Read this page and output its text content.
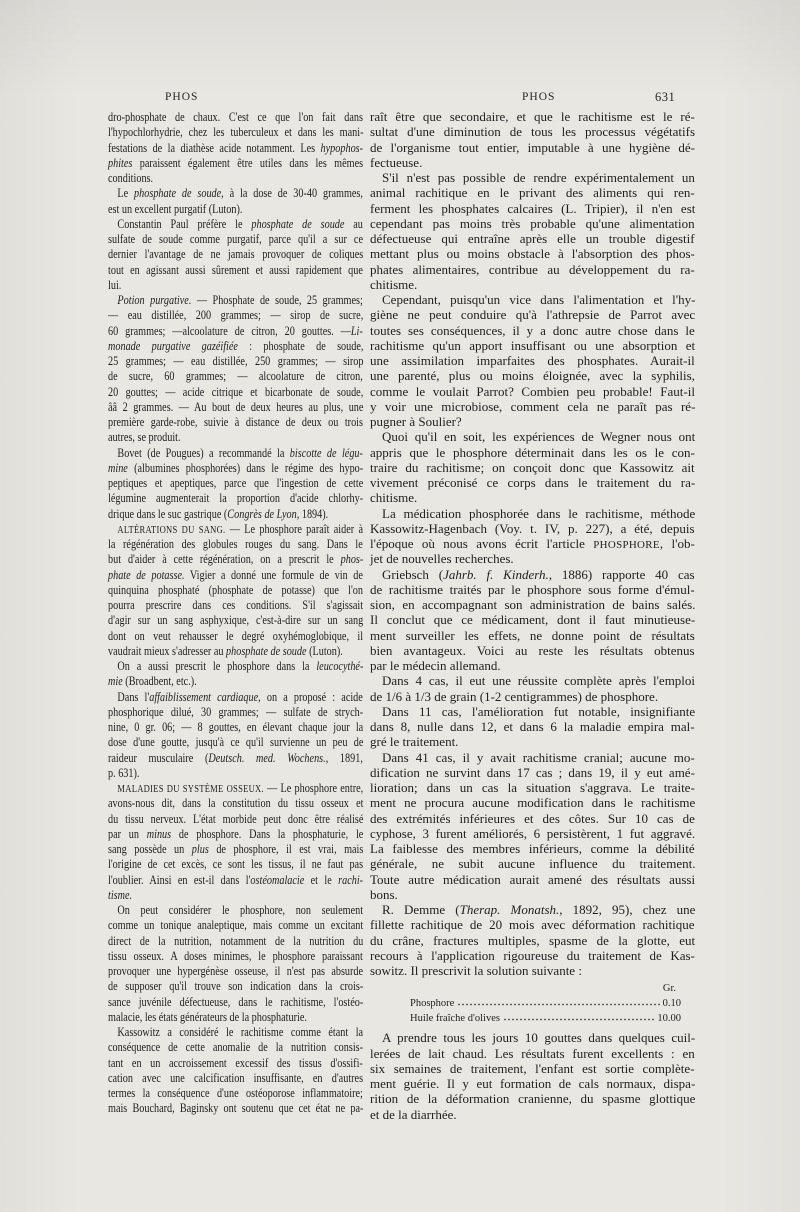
PHOS	PHOS	631
dro-phosphate de chaux. C'est ce que l'on fait dans
l'hypochlorhydrie, chez les tuberculeux et dans les mani-
festations de la diathèse acide notamment. Les hypophos-
phites paraissent également être utiles dans les mêmes
conditions.
Le phosphate de soude, à la dose de 30-40 grammes,
est un excellent purgatif (Luton).
Constantin Paul préfère le phosphate de soude au
sulfate de soude comme purgatif, parce qu'il a sur ce
dernier l'avantage de ne jamais provoquer de coliques
tout en agissant aussi sûrement et aussi rapidement que
lui.
Potion purgative. — Phosphate de soude, 25 grammes;
— eau distillée, 200 grammes; — sirop de sucre,
60 grammes; —alcoolature de citron, 20 gouttes. —Li-
monade purgative gazéifiée : phosphate de soude,
25 grammes; — eau distillée, 250 grammes; — sirop
de sucre, 60 grammes; — alcoolature de citron,
20 gouttes; — acide citrique et bicarbonate de soude,
ââ 2 grammes. — Au bout de deux heures au plus, une
première garde-robe, suivie à distance de deux ou trois
autres, se produit.
Bovet (de Pougues) a recommandé la biscotte de légu-
mine (albumines phosphorées) dans le régime des hypo-
peptiques et apeptiques, parce que l'ingestion de cette
légumine augmenterait la proportion d'acide chlorhy-
drique dans le suc gastrique (Congrès de Lyon, 1894).
ALTÉRATIONS DU SANG. — Le phosphore paraît aider à
la régénération des globules rouges du sang. Dans le
but d'aider à cette régénération, on a prescrit le phos-
phate de potasse. Vigier a donné une formule de vin de
quinquina phosphaté (phosphate de potasse) que l'on
pourra prescrire dans ces conditions. S'il s'agissait
d'agir sur un sang asphyxique, c'est-à-dire sur un sang
dont on veut rehausser le degré oxyhémoglobique, il
vaudrait mieux s'adresser au phosphate de soude (Luton).
On a aussi prescrit le phosphore dans la leucocythé-
mie (Broadbent, etc.).
Dans l'affaiblissement cardiaque, on a proposé : acide
phosphorique dilué, 30 grammes; — sulfate de strych-
nine, 0 gr. 06; — 8 gouttes, en élevant chaque jour la
dose d'une goutte, jusqu'à ce qu'il survienne un peu de
raideur musculaire (Deutsch. med. Wochens., 1891,
p. 631).
MALADIES DU SYSTÈME OSSEUX. — Le phosphore entre,
avons-nous dit, dans la constitution du tissu osseux et
du tissu nerveux. L'état morbide peut donc être réalisé
par un minus de phosphore. Dans la phosphaturie, le
sang possède un plus de phosphore, il est vrai, mais
l'origine de cet excès, ce sont les tissus, il ne faut pas
l'oublier. Ainsi en est-il dans l'ostéomalacie et le rachi-
tisme.
On peut considérer le phosphore, non seulement
comme un tonique analeptique, mais comme un excitant
direct de la nutrition, notamment de la nutrition du
tissu osseux. A doses minimes, le phosphore paraissant
provoquer une hypergénèse osseuse, il n'est pas absurde
de supposer qu'il trouve son indication dans la crois-
sance juvénile défectueuse, dans le rachitisme, l'ostéo-
malacie, les états générateurs de la phosphaturie.
Kassowitz a considéré le rachitisme comme étant la
conséquence de cette anomalie de la nutrition consis-
tant en un accroissement excessif des tissus d'ossifi-
cation avec une calcification insuffisante, en d'autres
termes la conséquence d'une ostéoporose inflammatoire;
mais Bouchard, Baginsky ont soutenu que cet état ne pa-
raît être que secondaire, et que le rachitisme est le ré-
sultat d'une diminution de tous les processus végétatifs
de l'organisme tout entier, imputable à une hygiène dé-
fectueuse.
S'il n'est pas possible de rendre expérimentalement un
animal rachitique en le privant des aliments qui ren-
ferment les phosphates calcaires (L. Tripier), il n'en est
cependant pas moins très probable qu'une alimentation
défectueuse qui entraîne après elle un trouble digestif
mettant plus ou moins obstacle à l'absorption des phos-
phates alimentaires, contribue au développement du ra-
chitisme.
Cependant, puisqu'un vice dans l'alimentation et l'hy-
giène ne peut conduire qu'à l'athrepsie de Parrot avec
toutes ses conséquences, il y a donc autre chose dans le
rachitisme qu'un apport insuffisant ou une absorption et
une assimilation imparfaites des phosphates. Aurait-il
une parenté, plus ou moins éloignée, avec la syphilis,
comme le voulait Parrot? Combien peu probable! Faut-il
y voir une microbiose, comment cela ne paraît pas ré-
pugner à Soulier?
Quoi qu'il en soit, les expériences de Wegner nous ont
appris que le phosphore déterminait dans les os le con-
traire du rachitisme; on conçoit donc que Kassowitz ait
vivement préconisé ce corps dans le traitement du ra-
chitisme.
La médication phosphorée dans le rachitisme, méthode
Kassowitz-Hagenbach (Voy. t. IV, p. 227), a été, depuis
l'époque où nous avons écrit l'article PHOSPHORE, l'ob-
jet de nouvelles recherches.
Griebsch (Jahrb. f. Kinderh., 1886) rapporte 40 cas
de rachitisme traités par le phosphore sous forme d'émul-
sion, en accompagnant son administration de bains salés.
Il conclut que ce médicament, dont il faut minutieuse-
ment surveiller les effets, ne donne point de résultats
bien avantageux. Voici au reste les résultats obtenus
par le médecin allemand.
Dans 4 cas, il eut une réussite complète après l'emploi
de 1/6 à 1/3 de grain (1-2 centigrammes) de phosphore.
Dans 11 cas, l'amélioration fut notable, insignifiante
dans 8, nulle dans 12, et dans 6 la maladie empira mal-
gré le traitement.
Dans 41 cas, il y avait rachitisme cranial; aucune mo-
dification ne survint dans 17 cas ; dans 19, il y eut amé-
lioration; dans un cas la situation s'aggrava. Le traite-
ment ne procura aucune modification dans le rachitisme
des extrémités inférieures et des côtes. Sur 10 cas de
cyphose, 3 furent améliorés, 6 persistèrent, 1 fut aggravé.
La faiblesse des membres inférieurs, comme la débilité
générale, ne subit aucune influence du traitement.
Toute autre médication aurait amené des résultats aussi
bons.
R. Demme (Therap. Monatsh., 1892, 95), chez une
fillette rachitique de 20 mois avec déformation rachitique
du crâne, fractures multiples, spasme de la glotte, eut
recours à l'application rigoureuse du traitement de Kas-
sowitz. Il prescrivit la solution suivante :
Gr.
Phosphore	0.10
Huile fraîche d'olives	10.00
A prendre tous les jours 10 gouttes dans quelques cuil-
lerées de lait chaud. Les résultats furent excellents : en
six semaines de traitement, l'enfant est sortie complète-
ment guérie. Il y eut formation de cals normaux, dispa-
rition de la déformation cranienne, du spasme glottique
et de la diarrhée.
